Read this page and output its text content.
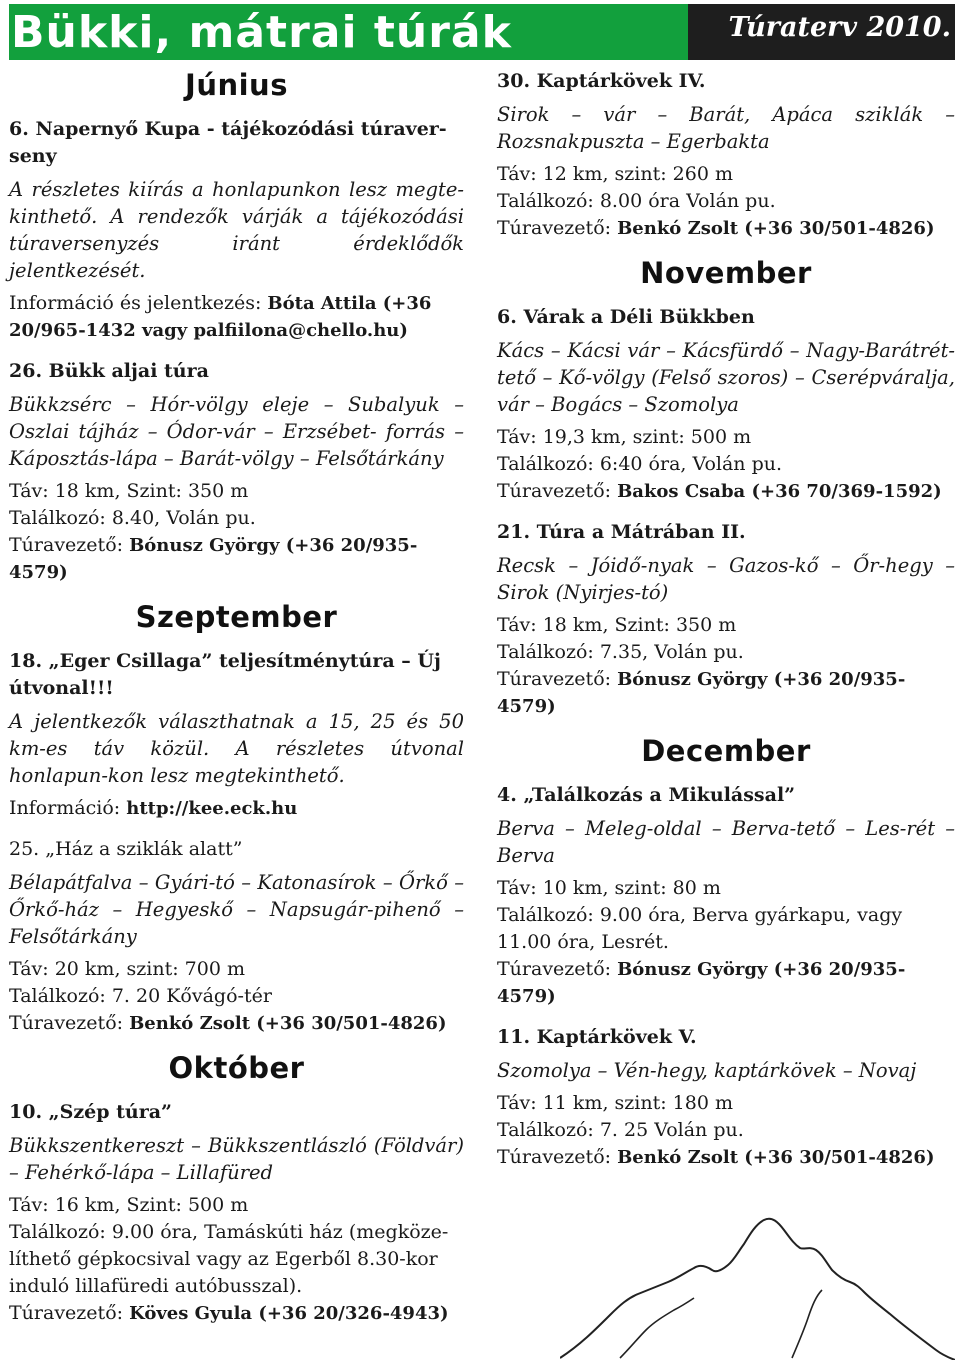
Bükki, mátrai túrák	Túraterv 2010.
Június

6. Napernyő Kupa - tájékozódási túraver-seny

A részletes kiírás a honlapunkon lesz megte-kinthető. A rendezők várják a tájékozódási túraversenyzés iránt érdeklődők jelentkezését.

Információ és jelentkezés: Bóta Attila (+36 20/965-1432 vagy palfiilona@chello.hu)

26. Bükk aljai túra

Bükkzsérc – Hór-völgy eleje – Subalyuk – Oszlai tájház – Ódor-vár – Erzsébet- forrás – Káposztás-lápa – Barát-völgy – Felsőtárkány

Táv: 18 km, Szint: 350 m

Találkozó: 8.40, Volán pu.

Túravezető: Bónusz György (+36 20/935-4579)

Szeptember

18. „Eger Csillaga” teljesítménytúra – Új útvonal!!!

A jelentkezők választhatnak a 15, 25 és 50 km-es táv közül. A részletes útvonal honlapun-kon lesz megtekinthető.

Információ: http://kee.eck.hu

25. „Ház a sziklák alatt”

Bélapátfalva – Gyári-tó – Katonasírok – Őrkő – Őrkő-ház – Hegyeskő – Napsugár-pihenő – Felsőtárkány

Táv: 20 km, szint: 700 m

Találkozó: 7. 20 Kővágó-tér

Túravezető: Benkó Zsolt (+36 30/501-4826)

Október

10. „Szép túra”

Bükkszentkereszt – Bükkszentlászló (Földvár) – Fehérkő-lápa – Lillafüred

Táv: 16 km, Szint: 500 m

Találkozó: 9.00 óra, Tamáskúti ház (megköze-líthető gépkocsival vagy az Egerből 8.30-kor induló lillafüredi autóbusszal).

Túravezető: Köves Gyula (+36 20/326-4943)

30. Kaptárkövek IV.

Sirok – vár – Barát, Apáca sziklák – Rozsnakpuszta – Egerbakta

Táv: 12 km, szint: 260 m

Találkozó: 8.00 óra Volán pu.

Túravezető: Benkó Zsolt (+36 30/501-4826)

November

6. Várak a Déli Bükkben

Kács – Kácsi vár – Kácsfürdő – Nagy-Barátrét-tető – Kő-völgy (Felső szoros) – Cserépváralja, vár – Bogács – Szomolya

Táv: 19,3 km, szint: 500 m

Találkozó: 6:40 óra, Volán pu.

Túravezető: Bakos Csaba (+36 70/369-1592)

21. Túra a Mátrában II.

Recsk – Jóidő-nyak – Gazos-kő – Őr-hegy – Sirok (Nyirjes-tó)

Táv: 18 km, Szint: 350 m

Találkozó: 7.35, Volán pu.

Túravezető: Bónusz György (+36 20/935-4579)

December

4. „Találkozás a Mikulással”

Berva – Meleg-oldal – Berva-tető – Les-rét – Berva

Táv: 10 km, szint: 80 m

Találkozó: 9.00 óra, Berva gyárkapu, vagy 11.00 óra, Lesrét.

Túravezető: Bónusz György (+36 20/935-4579)

11. Kaptárkövek V.

Szomolya – Vén-hegy, kaptárkövek – Novaj

Táv: 11 km, szint: 180 m

Találkozó: 7. 25 Volán pu.

Túravezető: Benkó Zsolt (+36 30/501-4826)
